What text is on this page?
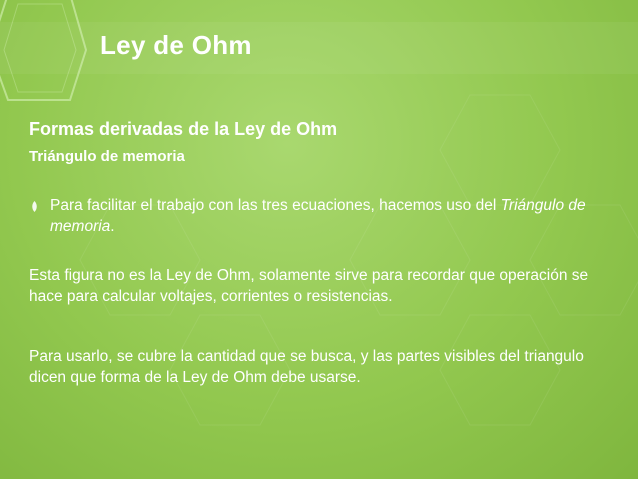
Ley de Ohm
Formas derivadas de la Ley de Ohm
Triángulo de memoria

Para facilitar el trabajo con las tres ecuaciones, hacemos uso del Triángulo de memoria.

Esta figura no es la Ley de Ohm, solamente sirve para recordar que operación se hace para calcular voltajes, corrientes o resistencias.

Para usarlo, se cubre la cantidad que se busca, y las partes visibles del triangulo dicen que forma de la Ley de Ohm debe usarse.
